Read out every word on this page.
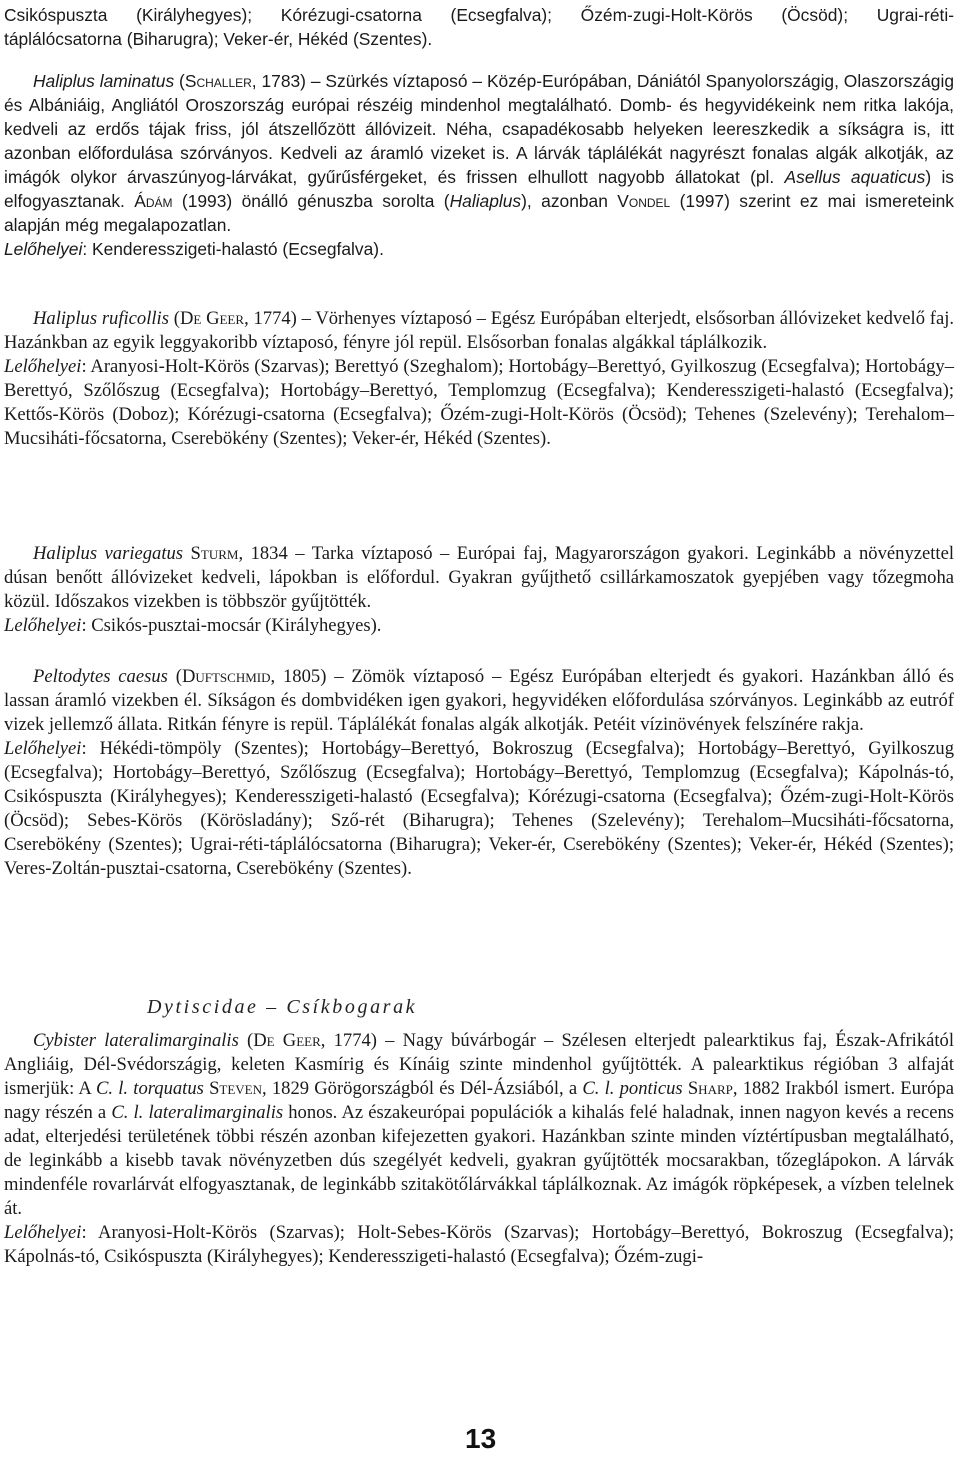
Csikóspuszta (Királyhegyes); Kórézugi-csatorna (Ecsegfalva); Őzém-zugi-Holt-Körös (Öcsöd); Ugrai-réti-

táplálócsatorna (Biharugra); Veker-ér, Hékéd (Szentes).

Haliplus laminatus (Schaller, 1783) – Szürkés víztaposó – Közép-Európában, Dániától Spanyolországig, Olaszországig és Albániáig, Angliától Oroszország európai részéig mindenhol megtalálható. Domb- és hegyvidékeink nem ritka lakója, kedveli az erdős tájak friss, jól átszellőzött állóvizeit. Néha, csapadékosabb helyeken leereszkedik a síkságra is, itt azonban előfordulása szórványos. Kedveli az áramló vizeket is. A lárvák táplálékát nagyrészt fonalas algák alkotják, az imágók olykor árvaszúnyog-lárvákat, gyűrűsférgeket, és frissen elhullott nagyobb állatokat (pl. Asellus aquaticus) is elfogyasztanak. Ádám (1993) önálló génuszba sorolta (Haliaplus), azonban Vondel (1997) szerint ez mai ismereteink alapján még megalapozatlan.

Lelőhelyei: Kenderesszigeti-halastó (Ecsegfalva).

Haliplus ruficollis (De Geer, 1774) – Vörhenyes víztaposó – Egész Európában elterjedt, elsősorban állóvizeket kedvelő faj. Hazánkban az egyik leggyakoribb víztaposó, fényre jól repül. Elsősorban fonalas algákkal táplálkozik.

Lelőhelyei: Aranyosi-Holt-Körös (Szarvas); Berettyó (Szeghalom); Hortobágy–Berettyó, Gyilkoszug (Ecsegfalva); Hortobágy–Berettyó, Szőlőszug (Ecsegfalva); Hortobágy–Berettyó, Templomzug (Ecsegfalva); Kenderesszigeti-halastó (Ecsegfalva); Kettős-Körös (Doboz); Kórézugi-csatorna (Ecsegfalva); Őzém-zugi-Holt-Körös (Öcsöd); Tehenes (Szelevény); Terehalom–Mucsiháti-főcsatorna, Cserebökény (Szentes); Veker-ér, Hékéd (Szentes).

Haliplus variegatus Sturm, 1834 – Tarka víztaposó – Európai faj, Magyarországon gyakori. Leginkább a növényzettel dúsan benőtt állóvizeket kedveli, lápokban is előfordul. Gyakran gyűjthető csillárkamoszatok gyepjében vagy tőzegmoha közül. Időszakos vizekben is többször gyűjtötték.

Lelőhelyei: Csikós-pusztai-mocsár (Királyhegyes).

Peltodytes caesus (Duftschmid, 1805) – Zömök víztaposó – Egész Európában elterjedt és gyakori. Hazánkban álló és lassan áramló vizekben él. Síkságon és dombvidéken igen gyakori, hegyvidéken előfordulása szórványos. Leginkább az eutróf vizek jellemző állata. Ritkán fényre is repül. Táplálékát fonalas algák alkotják. Petéit vízinövények felszínére rakja.

Lelőhelyei: Hékédi-tömpöly (Szentes); Hortobágy–Berettyó, Bokroszug (Ecsegfalva); Hortobágy–Berettyó, Gyilkoszug (Ecsegfalva); Hortobágy–Berettyó, Szőlőszug (Ecsegfalva); Hortobágy–Berettyó, Templomzug (Ecsegfalva); Kápolnás-tó, Csikóspuszta (Királyhegyes); Kenderesszigeti-halastó (Ecsegfalva); Kórézugi-csatorna (Ecsegfalva); Őzém-zugi-Holt-Körös (Öcsöd); Sebes-Körös (Körösladány); Sző-rét (Biharugra); Tehenes (Szelevény); Terehalom–Mucsiháti-főcsatorna, Cserebökény (Szentes); Ugrai-réti-táplálócsatorna (Biharugra); Veker-ér, Cserebökény (Szentes); Veker-ér, Hékéd (Szentes); Veres-Zoltán-pusztai-csatorna, Cserebökény (Szentes).

Dytiscidae – Csíkbogarak

Cybister lateralimarginalis (De Geer, 1774) – Nagy búvárbogár – Szélesen elterjedt palearktikus faj, Észak-Afrikától Angliáig, Dél-Svédországig, keleten Kasmírig és Kínáig szinte mindenhol gyűjtötték. A palearktikus régióban 3 alfaját ismerjük: A C. l. torquatus Steven, 1829 Görögországból és Dél-Ázsiából, a C. l. ponticus Sharp, 1882 Irakból ismert. Európa nagy részén a C. l. lateralimarginalis honos. Az északeurópai populációk a kihalás felé haladnak, innen nagyon kevés a recens adat, elterjedési területének többi részén azonban kifejezetten gyakori. Hazánkban szinte minden víztértípusban megtalálható, de leginkább a kisebb tavak növényzetben dús szegélyét kedveli, gyakran gyűjtötték mocsarakban, tőzeglápokon. A lárvák mindenféle rovarlárvát elfogyasztanak, de leginkább szitakötőlárvákkal táplálkoznak. Az imágók röpképesek, a vízben telelnek át.

Lelőhelyei: Aranyosi-Holt-Körös (Szarvas); Holt-Sebes-Körös (Szarvas); Hortobágy–Berettyó, Bokroszug (Ecsegfalva); Kápolnás-tó, Csikóspuszta (Királyhegyes); Kenderesszigeti-halastó (Ecsegfalva); Őzém-zugi-

13
